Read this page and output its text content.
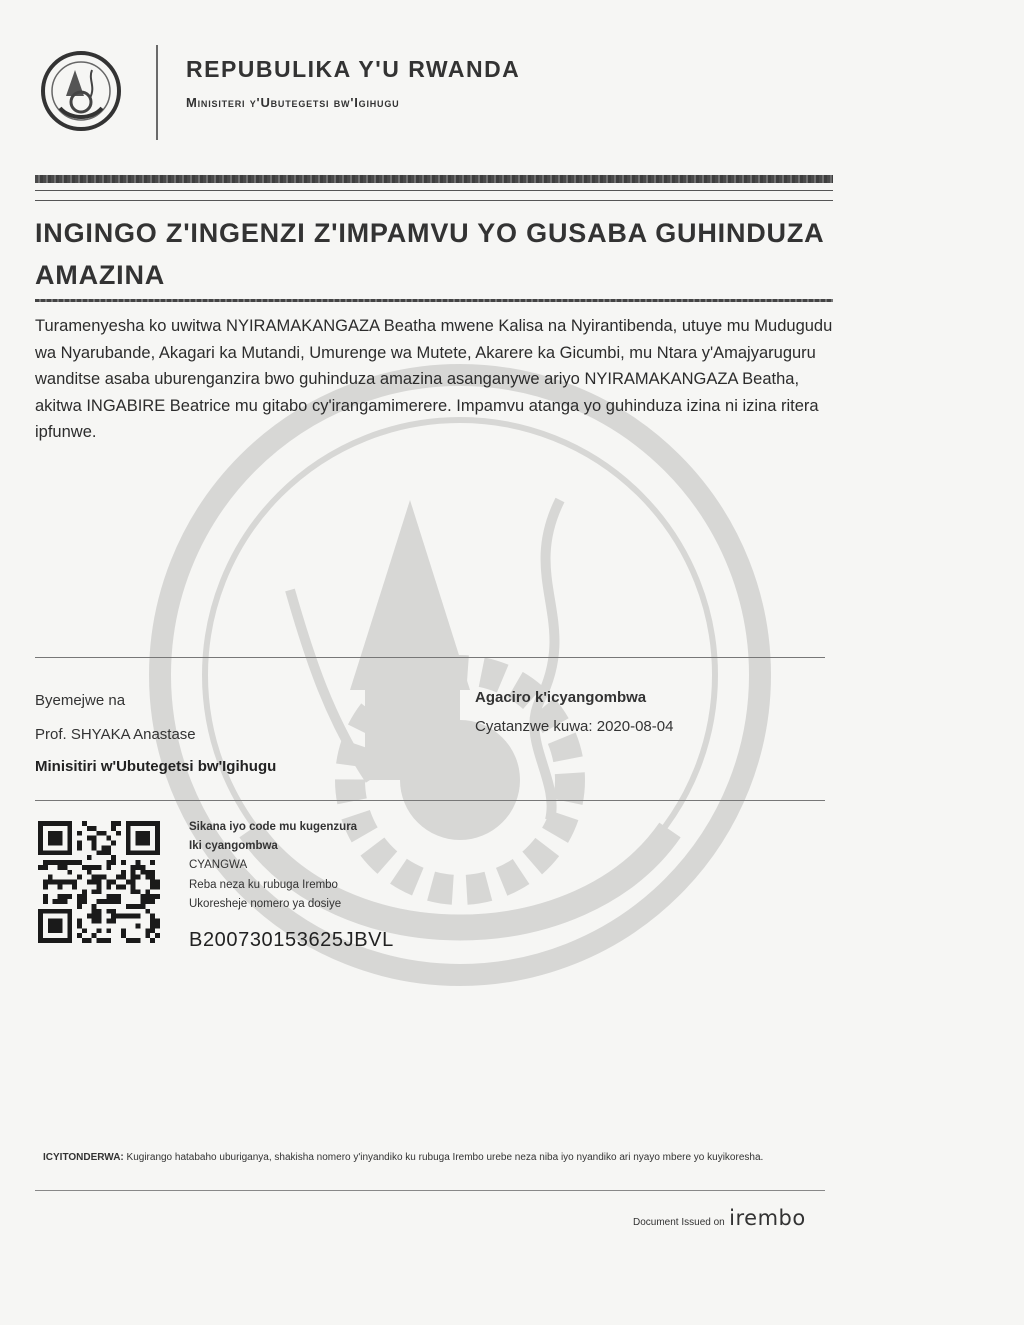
REPUBULIKA Y'U RWANDA
Minisiteri y'Ubutegetsi bw'Igihugu
INGINGO Z'INGENZI Z'IMPAMVU YO GUSABA GUHINDUZA AMAZINA
Turamenyesha ko uwitwa NYIRAMAKANGAZA Beatha mwene Kalisa na Nyirantibenda, utuye mu Mudugudu wa Nyarubande, Akagari ka Mutandi, Umurenge wa Mutete, Akarere ka Gicumbi, mu Ntara y'Amajyaruguru wanditse asaba uburenganzira bwo guhinduza amazina asanganywe ariyo NYIRAMAKANGAZA Beatha, akitwa INGABIRE Beatrice mu gitabo cy'irangamimerere. Impamvu atanga yo guhinduza izina ni izina ritera ipfunwe.
Byemejwe na
Prof. SHYAKA Anastase
Minisitiri w'Ubutegetsi bw'Igihugu
Agaciro k'icyangombwa
Cyatanzwe kuwa: 2020-08-04
Sikana iyo code mu kugenzura
Iki cyangombwa
CYANGWA
Reba neza ku rubuga Irembo
Ukoresheje nomero ya dosiye
B200730153625JBVL
ICYITONDERWA: Kugirango hatabaho uburiganya, shakisha nomero y'inyandiko ku rubuga Irembo urebe neza niba iyo nyandiko ari nyayo mbere yo kuyikoresha.
Document Issued on irembo
